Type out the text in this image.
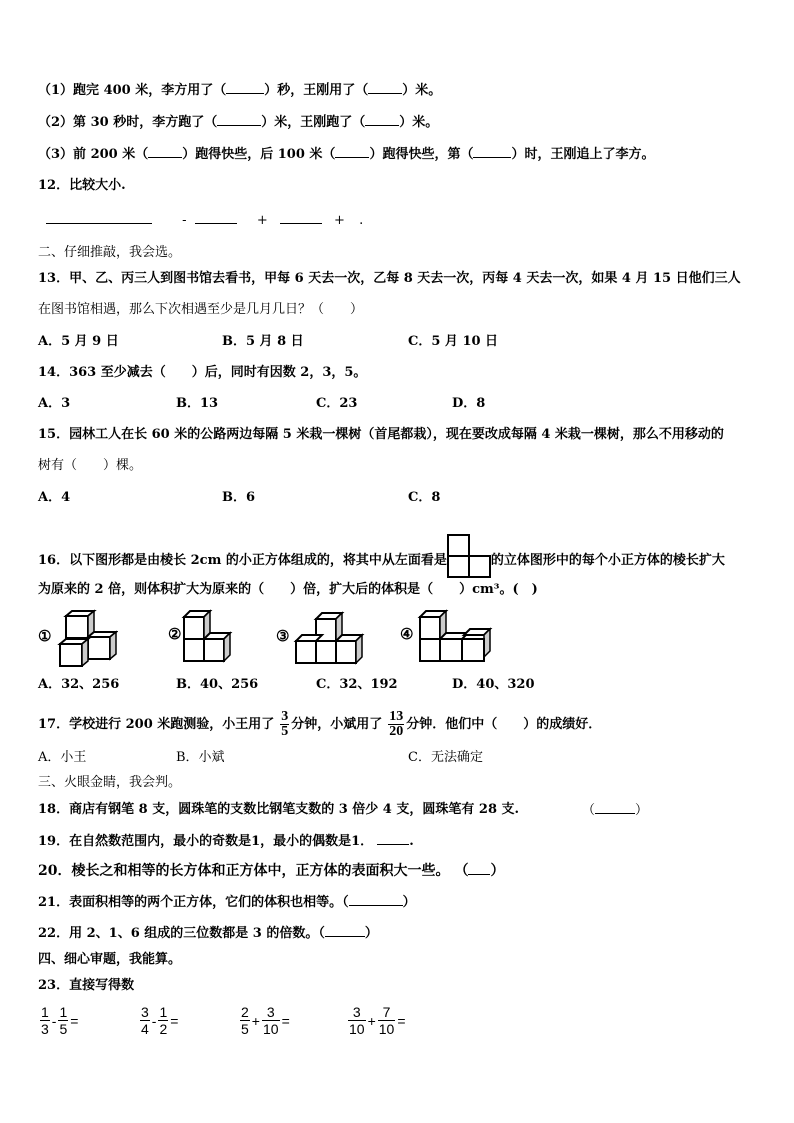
（1）跑完 400 米，李方用了（	）秒，王刚用了（	）米。
（2）第 30 秒时，李方跑了（	）米，王刚跑了（	）米。
（3）前 200 米（	）跑得快些，后 100 米（	）跑得快些，第（	）时，王刚追上了李方。
12．比较大小.
-	+	+ .
二、仔细推敲，我会选。
13．甲、乙、丙三人到图书馆去看书，甲每 6 天去一次，乙每 8 天去一次，丙每 4 天去一次，如果 4 月 15 日他们三人
在图书馆相遇，那么下次相遇至少是几月几日？（　　）
A．5 月 9 日	B．5 月 8 日	C．5 月 10 日
14．363 至少减去（　　）后，同时有因数 2，3，5。
A．3	B．13	C．23	D．8
15．园林工人在长 60 米的公路两边每隔 5 米栽一棵树（首尾都栽），现在要改成每隔 4 米栽一棵树，那么不用移动的
树有（　　）棵。
A．4	B．6	C．8
16．以下图形都是由棱长 2cm 的小正方体组成的，将其中从左面看是	的立体图形中的每个小正方体的棱长扩大
为原来的 2 倍，则体积扩大为原来的（　　）倍，扩大后的体积是（　　）cm³。(　)
①	②	③	④
A．32、256	B．40、256	C．32、192	D．40、320
17．学校进行 200 米跑测验，小王用了 $\frac{3}{5}$ 分钟，小斌用了 $\frac{13}{20}$ 分钟．他们中（　　）的成绩好．
A．小王	B．小斌	C．无法确定
三、火眼金睛，我会判。
18．商店有钢笔 8 支，圆珠笔的支数比钢笔支数的 3 倍少 4 支，圆珠笔有 28 支.	（	）
19．在自然数范围内，最小的奇数是1，最小的偶数是1．	.
20．棱长之和相等的长方体和正方体中，正方体的表面积大一些。 （ ）
21．表面积相等的两个正方体，它们的体积也相等。（	）
22．用 2、1、6 组成的三位数都是 3 的倍数。（	）
四、细心审题，我能算。
23．直接写得数
$\frac{1}{3} - \frac{1}{5}$ =	$\frac{3}{4} - \frac{1}{2}$ =	$\frac{2}{5} + \frac{3}{10}$ =	$\frac{3}{10} + \frac{7}{10}$ =
